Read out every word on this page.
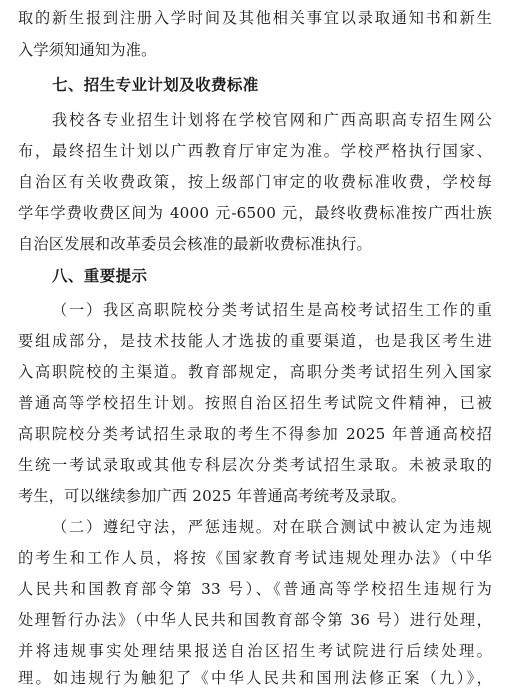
取的新生报到注册入学时间及其他相关事宜以录取通知书和新生
入学须知通知为准。
七、招生专业计划及收费标准
我校各专业招生计划将在学校官网和广西高职高专招生网公
布，最终招生计划以广西教育厅审定为准。学校严格执行国家、
自治区有关收费政策，按上级部门审定的收费标准收费，学校每
学年学费收费区间为 4000 元-6500 元，最终收费标准按广西壮族
自治区发展和改革委员会核准的最新收费标准执行。
八、重要提示
（一）我区高职院校分类考试招生是高校考试招生工作的重
要组成部分，是技术技能人才选拔的重要渠道，也是我区考生进
入高职院校的主渠道。教育部规定，高职分类考试招生列入国家
普通高等学校招生计划。按照自治区招生考试院文件精神，已被
高职院校分类考试招生录取的考生不得参加 2025 年普通高校招
生统一考试录取或其他专科层次分类考试招生录取。未被录取的
考生，可以继续参加广西 2025 年普通高考统考及录取。
（二）遵纪守法，严惩违规。对在联合测试中被认定为违规
的考生和工作人员，将按《国家教育考试违规处理办法》（中华
人民共和国教育部令第 33 号）、《普通高等学校招生违规行为
处理暂行办法》（中华人民共和国教育部令第 36 号）进行处理，
并将违规事实处理结果报送自治区招生考试院进行后续处理。
理。如违规行为触犯了《中华人民共和国刑法修正案（九）》，
